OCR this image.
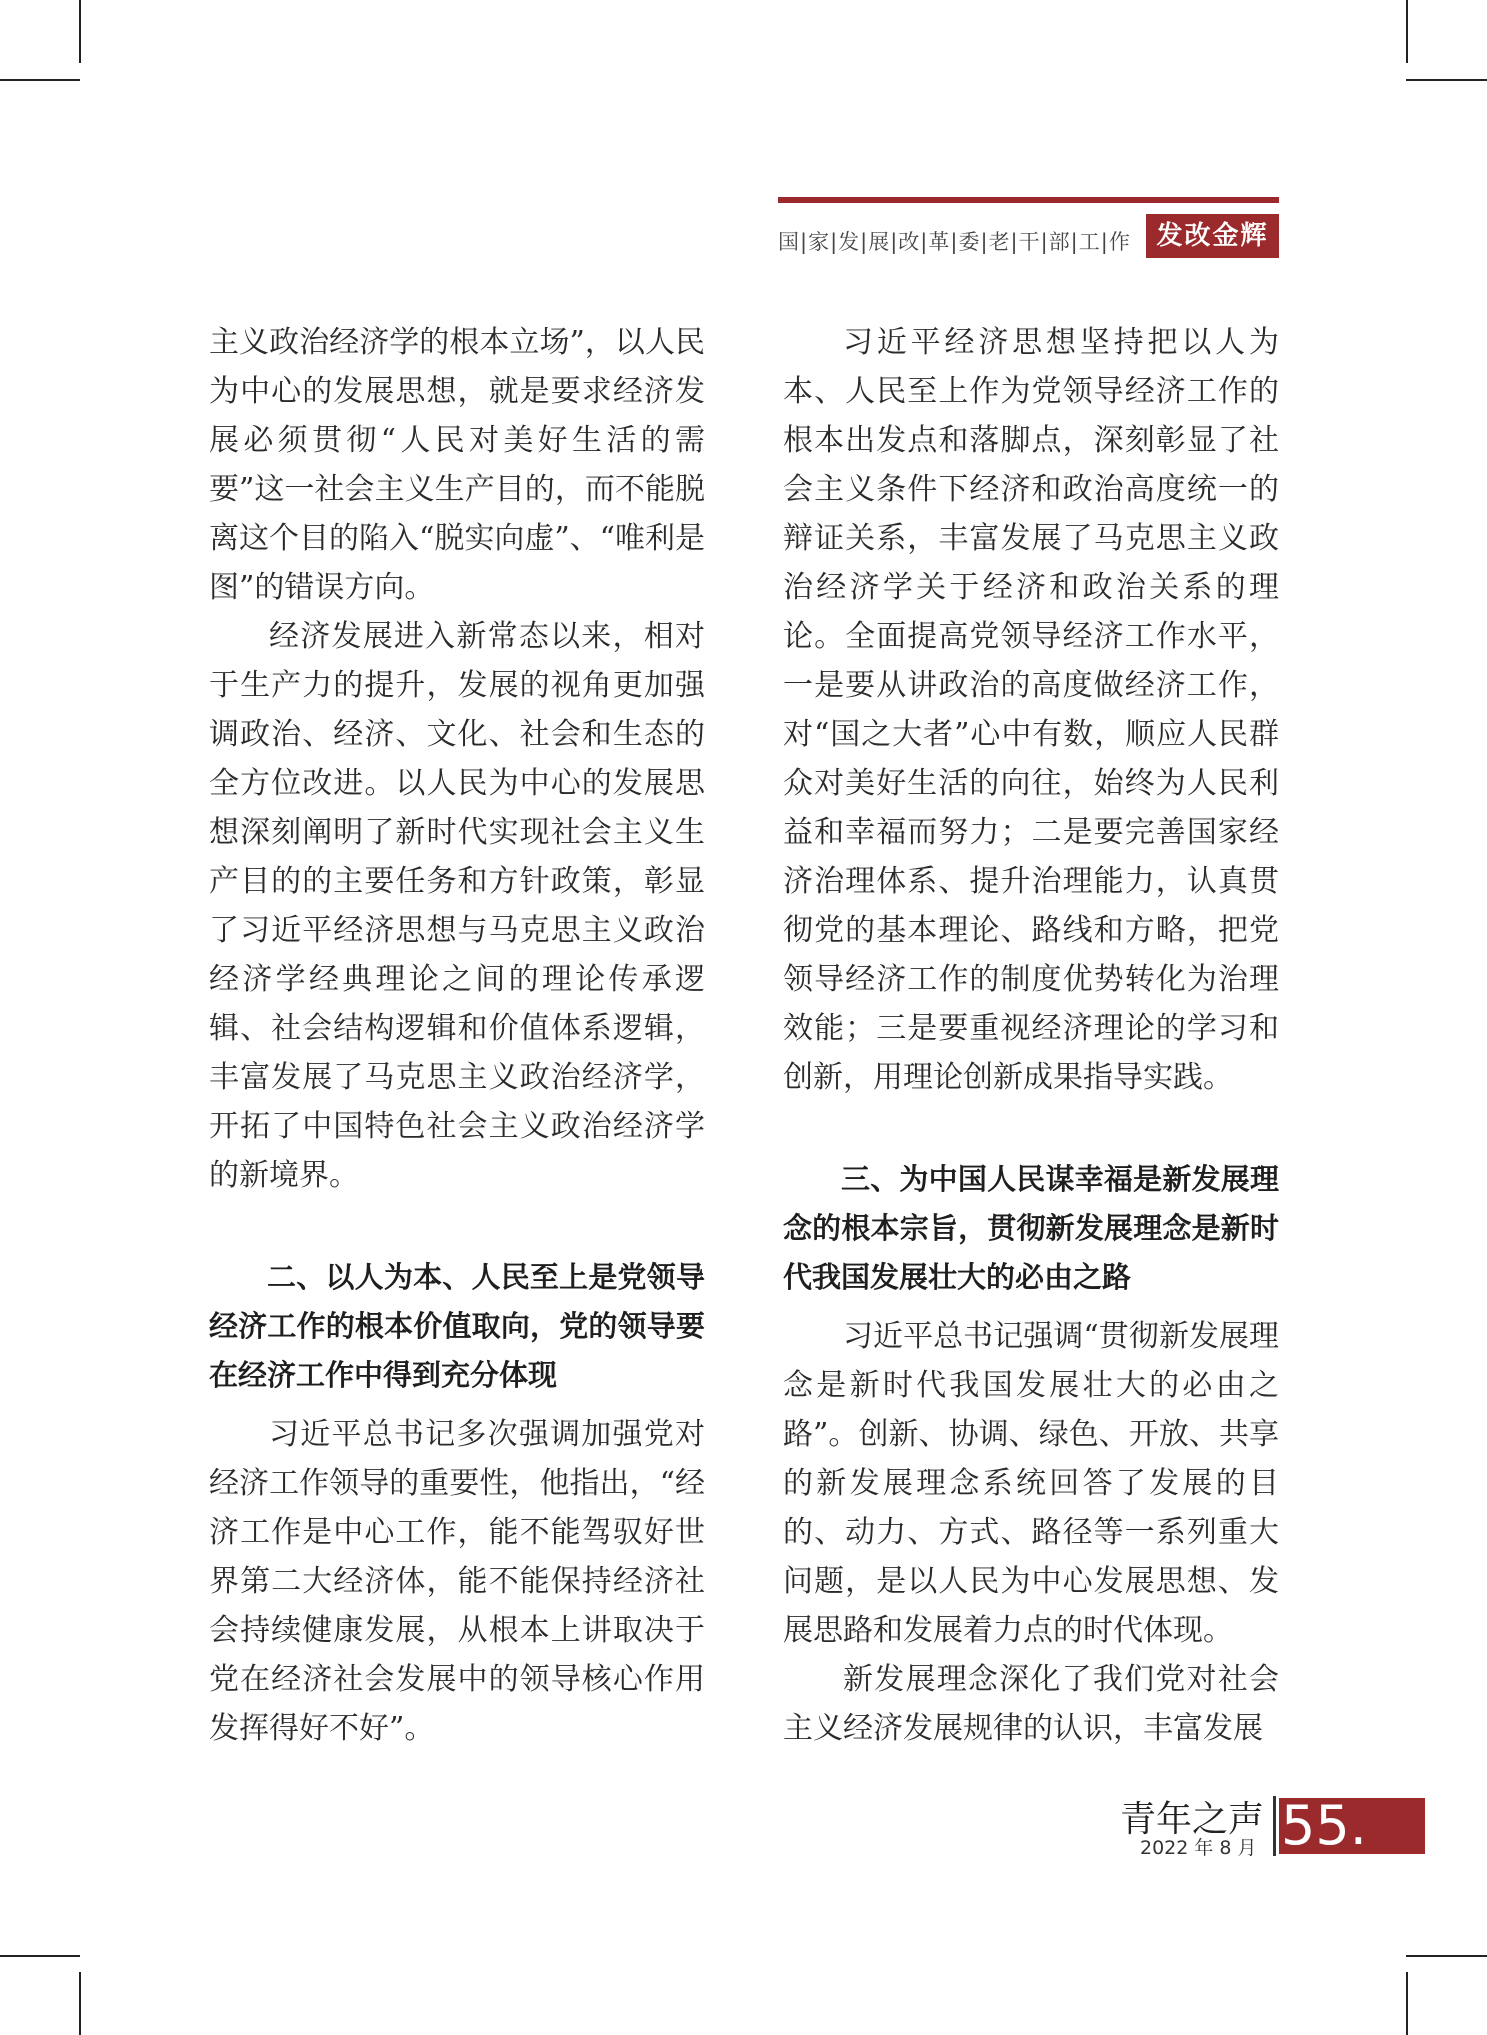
国|家|发|展|改|革|委|老|干|部|工|作 发改金辉

主义政治经济学的根本立场”，以人民为中心的发展思想，就是要求经济发展必须贯彻“人民对美好生活的需要”这一社会主义生产目的，而不能脱离这个目的陷入“脱实向虚”、“唯利是图”的错误方向。

经济发展进入新常态以来，相对于生产力的提升，发展的视角更加强调政治、经济、文化、社会和生态的全方位改进。以人民为中心的发展思想深刻阐明了新时代实现社会主义生产目的的主要任务和方针政策，彰显了习近平经济思想与马克思主义政治经济学经典理论之间的理论传承逻辑、社会结构逻辑和价值体系逻辑，丰富发展了马克思主义政治经济学，开拓了中国特色社会主义政治经济学的新境界。

二、以人为本、人民至上是党领导经济工作的根本价值取向，党的领导要在经济工作中得到充分体现

习近平总书记多次强调加强党对经济工作领导的重要性，他指出，“经济工作是中心工作，能不能驾驭好世界第二大经济体，能不能保持经济社会持续健康发展，从根本上讲取决于党在经济社会发展中的领导核心作用发挥得好不好”。

习近平经济思想坚持把以人为本、人民至上作为党领导经济工作的根本出发点和落脚点，深刻彰显了社会主义条件下经济和政治高度统一的辩证关系，丰富发展了马克思主义政治经济学关于经济和政治关系的理论。全面提高党领导经济工作水平，一是要从讲政治的高度做经济工作，对“国之大者”心中有数，顺应人民群众对美好生活的向往，始终为人民利益和幸福而努力；二是要完善国家经济治理体系、提升治理能力，认真贯彻党的基本理论、路线和方略，把党领导经济工作的制度优势转化为治理效能；三是要重视经济理论的学习和创新，用理论创新成果指导实践。

三、为中国人民谋幸福是新发展理念的根本宗旨，贯彻新发展理念是新时代我国发展壮大的必由之路

习近平总书记强调“贯彻新发展理念是新时代我国发展壮大的必由之路”。创新、协调、绿色、开放、共享的新发展理念系统回答了发展的目的、动力、方式、路径等一系列重大问题，是以人民为中心发展思想、发展思路和发展着力点的时代体现。

新发展理念深化了我们党对社会主义经济发展规律的认识，丰富发展

青年之声
2022 年 8 月 55.
